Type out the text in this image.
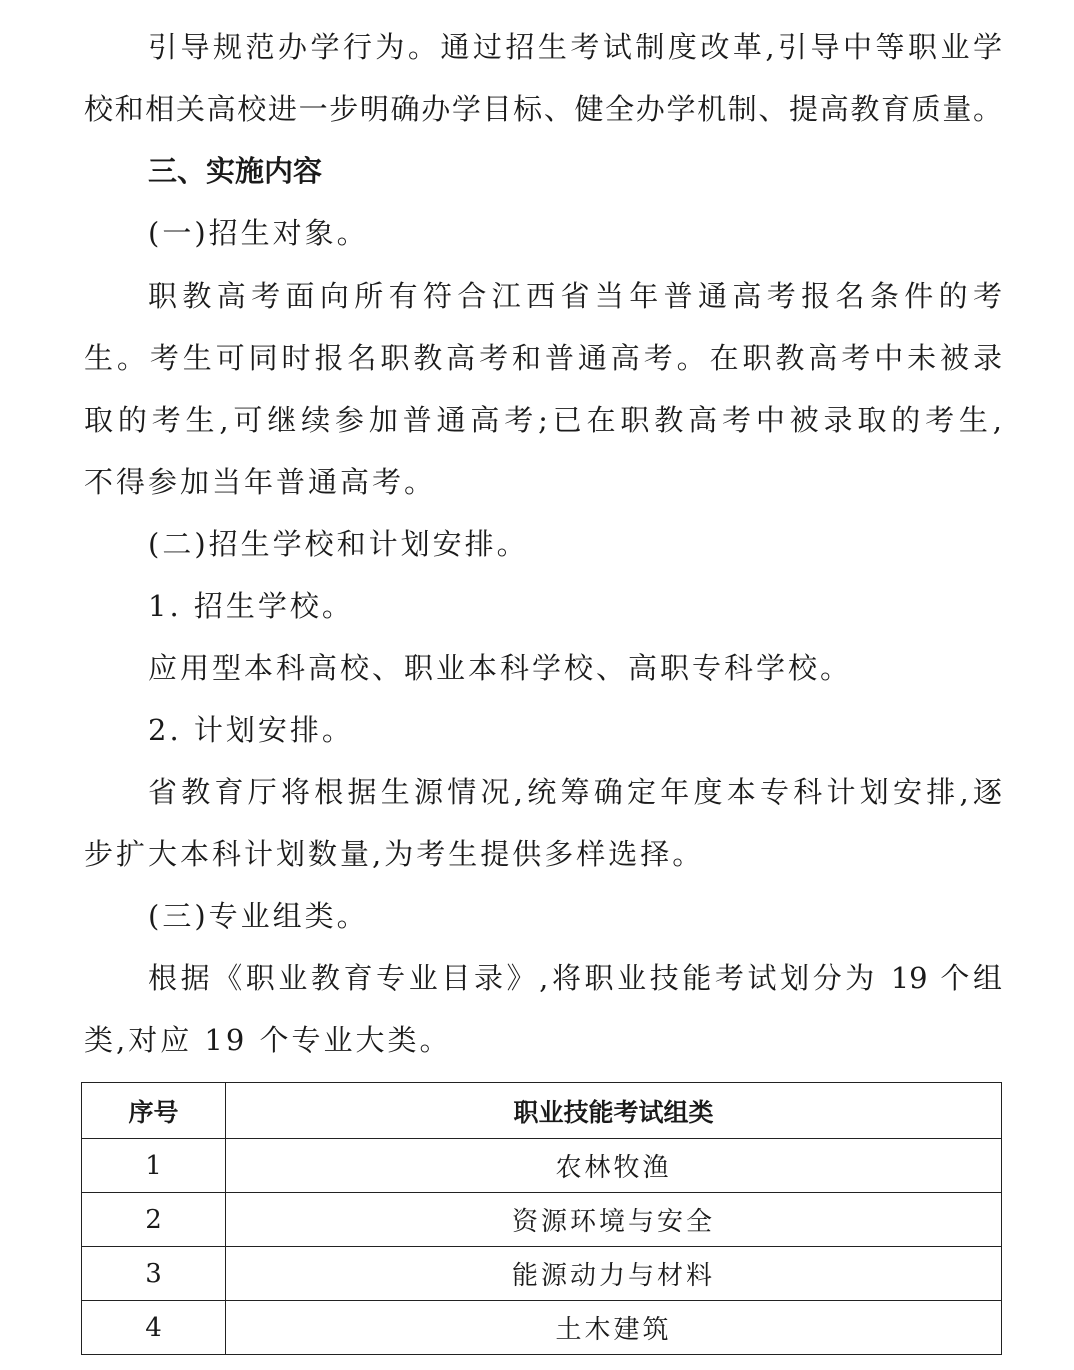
引导规范办学行为。通过招生考试制度改革,引导中等职业学
校和相关高校进一步明确办学目标、健全办学机制、提高教育质量。
三、实施内容
(一)招生对象。
职教高考面向所有符合江西省当年普通高考报名条件的考
生。考生可同时报名职教高考和普通高考。在职教高考中未被录
取的考生,可继续参加普通高考;已在职教高考中被录取的考生,
不得参加当年普通高考。
(二)招生学校和计划安排。
1. 招生学校。
应用型本科高校、职业本科学校、高职专科学校。
2. 计划安排。
省教育厅将根据生源情况,统筹确定年度本专科计划安排,逐
步扩大本科计划数量,为考生提供多样选择。
(三)专业组类。
根据《职业教育专业目录》,将职业技能考试划分为 19 个组
类,对应 19 个专业大类。
序号	职业技能考试组类
1	农林牧渔
2	资源环境与安全
3	能源动力与材料
4	土木建筑
